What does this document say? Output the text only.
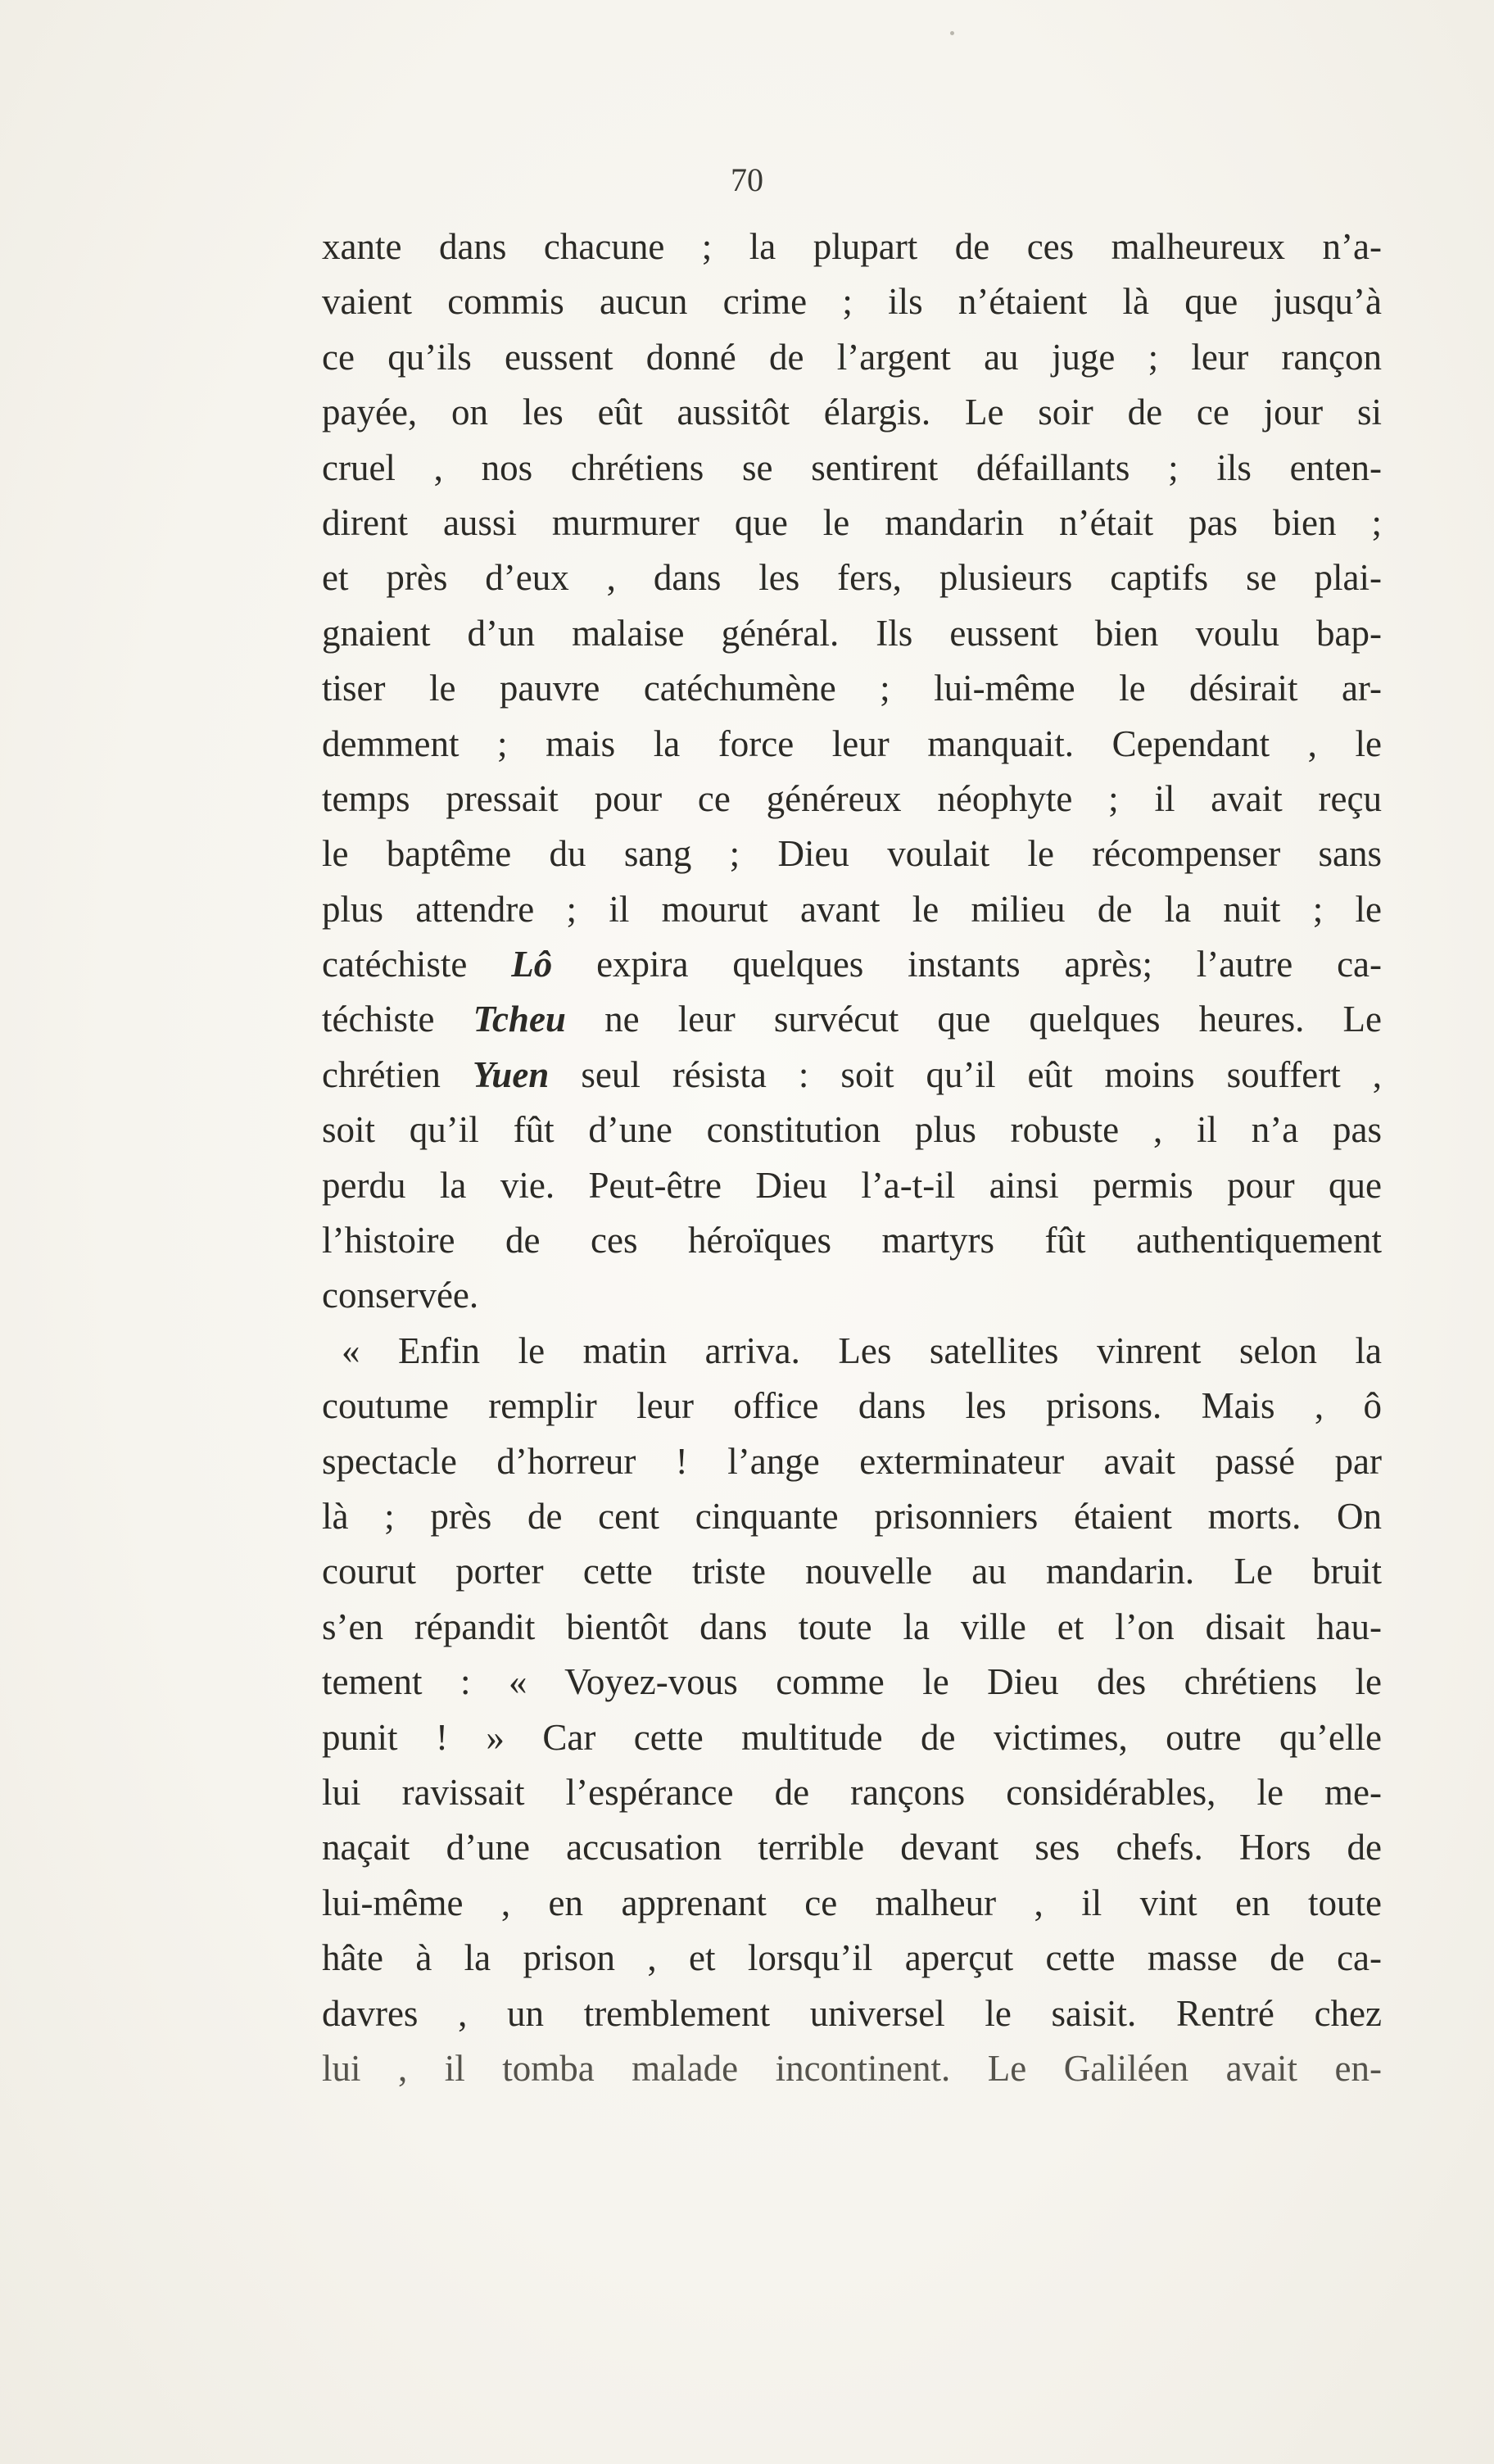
70
xante dans chacune ; la plupart de ces malheureux n’a-
vaient commis aucun crime ; ils n’étaient là que jusqu’à
ce qu’ils eussent donné de l’argent au juge ; leur rançon
payée, on les eût aussitôt élargis. Le soir de ce jour si
cruel , nos chrétiens se sentirent défaillants ; ils enten-
dirent aussi murmurer que le mandarin n’était pas bien ;
et près d’eux , dans les fers, plusieurs captifs se plai-
gnaient d’un malaise général. Ils eussent bien voulu bap-
tiser le pauvre catéchumène ; lui-même le désirait ar-
demment ; mais la force leur manquait. Cependant , le
temps pressait pour ce généreux néophyte ; il avait reçu
le baptême du sang ; Dieu voulait le récompenser sans
plus attendre ; il mourut avant le milieu de la nuit ; le
catéchiste Lô expira quelques instants après; l’autre ca-
téchiste Tcheu ne leur survécut que quelques heures. Le
chrétien Yuen seul résista : soit qu’il eût moins souffert ,
soit qu’il fût d’une constitution plus robuste , il n’a pas
perdu la vie. Peut-être Dieu l’a-t-il ainsi permis pour que
l’histoire de ces héroïques martyrs fût authentiquement
conservée.
« Enfin le matin arriva. Les satellites vinrent selon la
coutume remplir leur office dans les prisons. Mais , ô
spectacle d’horreur ! l’ange exterminateur avait passé par
là ; près de cent cinquante prisonniers étaient morts. On
courut porter cette triste nouvelle au mandarin. Le bruit
s’en répandit bientôt dans toute la ville et l’on disait hau-
tement : « Voyez-vous comme le Dieu des chrétiens le
punit ! » Car cette multitude de victimes, outre qu’elle
lui ravissait l’espérance de rançons considérables, le me-
naçait d’une accusation terrible devant ses chefs. Hors de
lui-même , en apprenant ce malheur , il vint en toute
hâte à la prison , et lorsqu’il aperçut cette masse de ca-
davres , un tremblement universel le saisit. Rentré chez
lui , il tomba malade incontinent. Le Galiléen avait en-
